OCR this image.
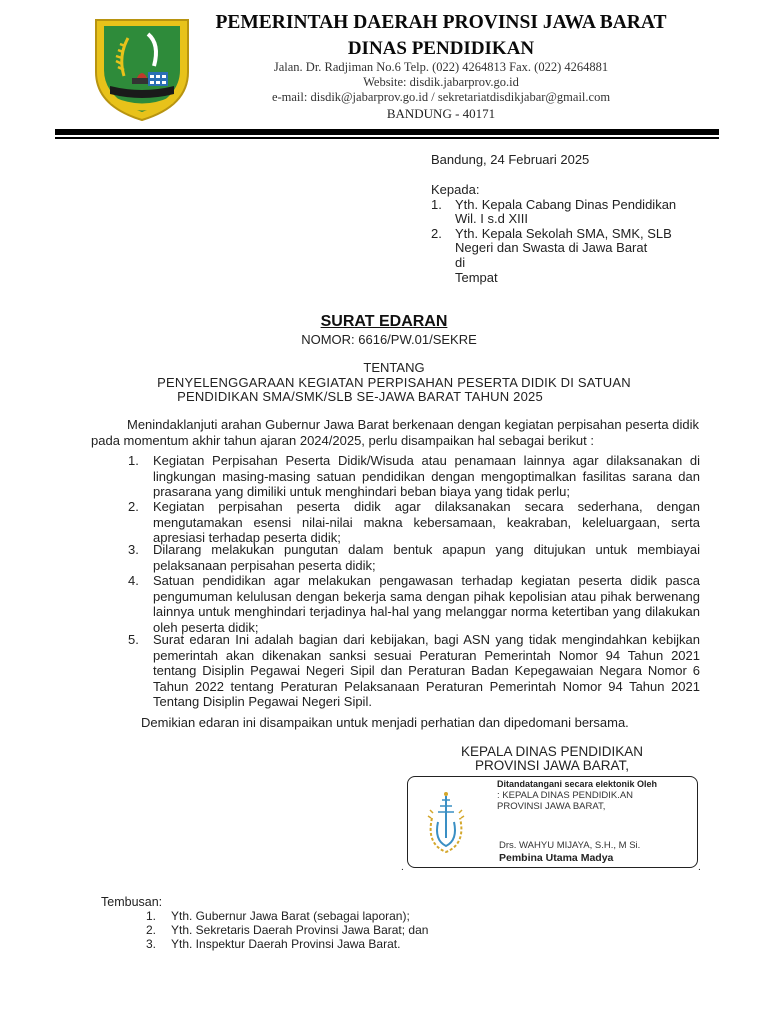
PEMERINTAH DAERAH PROVINSI JAWA BARAT
DINAS PENDIDIKAN
Jalan. Dr. Radjiman No.6 Telp. (022) 4264813 Fax. (022) 4264881
Website: disdik.jabarprov.go.id
e-mail: disdik@jabarprov.go.id / sekretariatdisdikjabar@gmail.com
BANDUNG - 40171
Bandung, 24 Februari 2025
Kepada:
1. Yth. Kepala Cabang Dinas Pendidikan
Wil. I s.d XIII
2. Yth. Kepala Sekolah SMA, SMK, SLB
Negeri dan Swasta di Jawa Barat
di
Tempat
SURAT EDARAN
NOMOR: 6616/PW.01/SEKRE
TENTANG
PENYELENGGARAAN KEGIATAN PERPISAHAN PESERTA DIDIK DI SATUAN
PENDIDIKAN SMA/SMK/SLB SE-JAWA BARAT TAHUN 2025
Menindaklanjuti arahan Gubernur Jawa Barat berkenaan dengan kegiatan perpisahan peserta didik pada momentum akhir tahun ajaran 2024/2025, perlu disampaikan hal sebagai berikut :
1.	Kegiatan Perpisahan Peserta Didik/Wisuda atau penamaan lainnya agar dilaksanakan di lingkungan masing-masing satuan pendidikan dengan mengoptimalkan fasilitas sarana dan prasarana yang dimiliki untuk menghindari beban biaya yang tidak perlu;
2.	Kegiatan perpisahan peserta didik agar dilaksanakan secara sederhana, dengan mengutamakan esensi nilai-nilai makna kebersamaan, keakraban, keleluargaan, serta apresiasi terhadap peserta didik;
3.	Dilarang melakukan pungutan dalam bentuk apapun yang ditujukan untuk membiayai pelaksanaan perpisahan peserta didik;
4.	Satuan pendidikan agar melakukan pengawasan terhadap kegiatan peserta didik pasca pengumuman kelulusan dengan bekerja sama dengan pihak kepolisian atau pihak berwenang lainnya untuk menghindari terjadinya hal-hal yang melanggar norma ketertiban yang dilakukan oleh peserta didik;
5.	Surat edaran Ini adalah bagian dari kebijakan, bagi ASN yang tidak mengindahkan kebijkan pemerintah akan dikenakan sanksi sesuai Peraturan Pemerintah Nomor 94 Tahun 2021 tentang Disiplin Pegawai Negeri Sipil dan Peraturan Badan Kepegawaian Negara Nomor 6 Tahun 2022 tentang Peraturan Pelaksanaan Peraturan Pemerintah Nomor 94 Tahun 2021 Tentang Disiplin Pegawai Negeri Sipil.
Demikian edaran ini disampaikan untuk menjadi perhatian dan dipedomani bersama.
KEPALA DINAS PENDIDIKAN
PROVINSI JAWA BARAT,
.	.
Ditandatangani secara elektonik Oleh
: KEPALA DINAS PENDIDIK.AN
PROVINSI JAWA BARAT,
Drs. WAHYU MIJAYA, S.H., M Si.
Pembina Utama Madya
Tembusan:
1. Yth. Gubernur Jawa Barat (sebagai laporan);
2. Yth. Sekretaris Daerah Provinsi Jawa Barat; dan
3. Yth. Inspektur Daerah Provinsi Jawa Barat.
